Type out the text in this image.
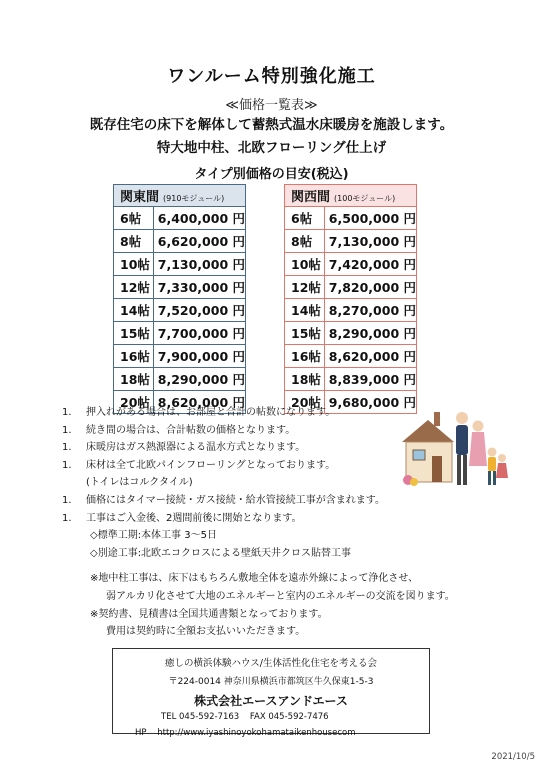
ワンルーム特別強化施工
≪価格一覧表≫
既存住宅の床下を解体して蓄熱式温水床暖房を施設します。
特大地中柱、北欧フローリング仕上げ
タイプ別価格の目安(税込)
関東間 (910モジュール)	
6帖	6,400,000 円
8帖	6,620,000 円
10帖	7,130,000 円
12帖	7,330,000 円
14帖	7,520,000 円
15帖	7,700,000 円
16帖	7,900,000 円
18帖	8,290,000 円
20帖	8,620,000 円
関西間 (100モジュール)	
6帖	6,500,000 円
8帖	7,130,000 円
10帖	7,420,000 円
12帖	7,820,000 円
14帖	8,270,000 円
15帖	8,290,000 円
16帖	8,620,000 円
18帖	8,839,000 円
20帖	9,680,000 円
1. 押入れがある場合は、お部屋と合計の帖数になります。
1. 続き間の場合は、合計帖数の価格となります。
1. 床暖房はガス熱源器による温水方式となります。
1. 床材は全て北欧パインフローリングとなっております。
(トイレはコルクタイル)
1. 価格にはタイマー接続・ガス接続・給水管接続工事が含まれます。
1. 工事はご入金後、2週間前後に開始となります。
◇標準工期:本体工事 3～5日
◇別途工事:北欧エコクロスによる壁紙天井クロス貼替工事
※地中柱工事は、床下はもちろん敷地全体を遠赤外線によって浄化させ、
弱アルカリ化させて大地のエネルギーと室内のエネルギーの交流を図ります。
※契約書、見積書は全国共通書類となっております。
費用は契約時に全額お支払いいただきます。
癒しの横浜体験ハウス/生体活性化住宅を考える会
〒224-0014 神奈川県横浜市都筑区牛久保東1-5-3
株式会社エースアンドエース
TEL 045-592-7163 FAX 045-592-7476
HP http://www.iyashinoyokohamataikenhousecom
2021/10/5
